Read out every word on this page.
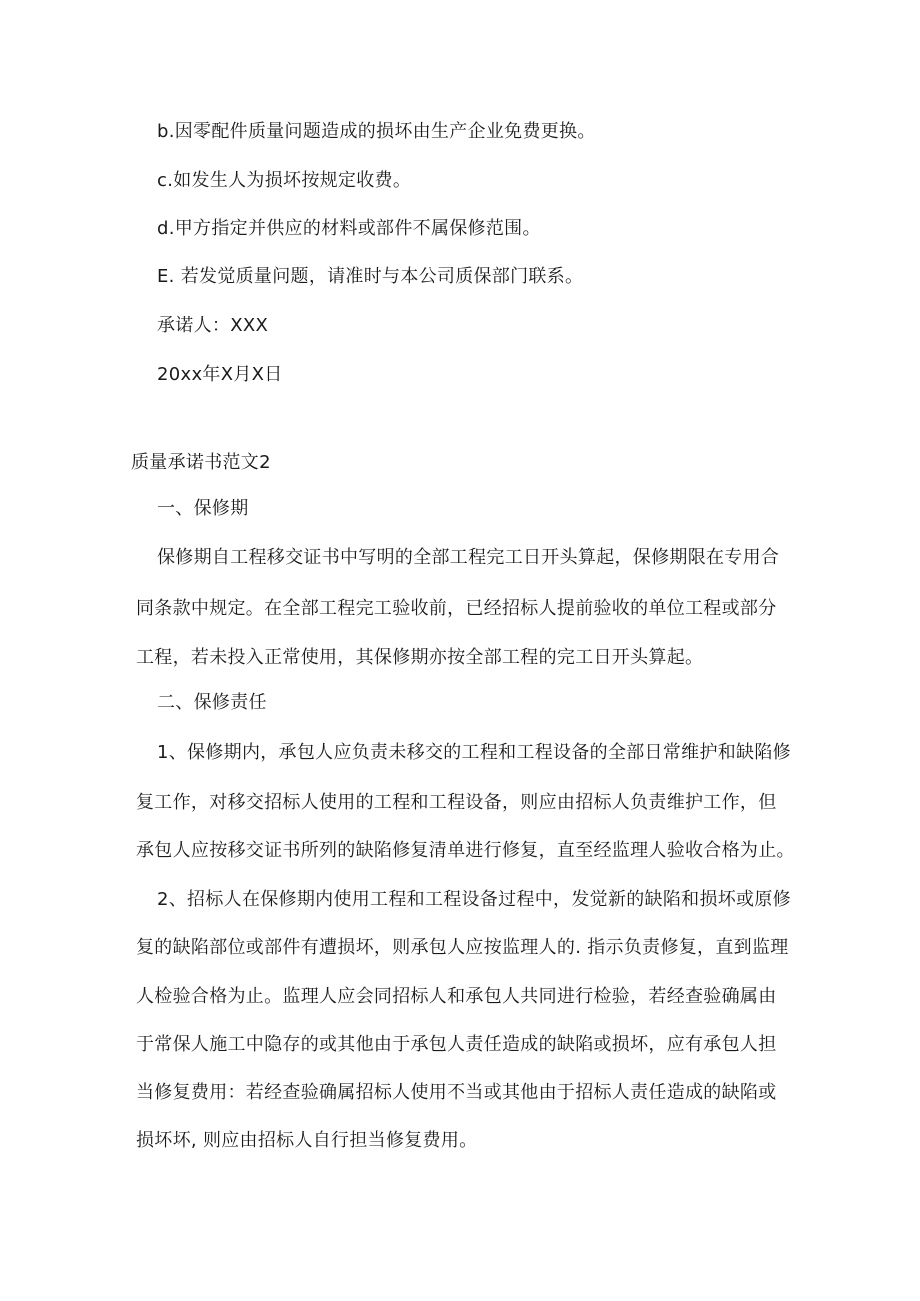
b.因零配件质量问题造成的损坏由生产企业免费更换。
c.如发生人为损坏按规定收费。
d.甲方指定并供应的材料或部件不属保修范围。
E. 若发觉质量问题，请准时与本公司质保部门联系。
承诺人：XXX
20xx年X月X日
质量承诺书范文2
一、保修期
保修期自工程移交证书中写明的全部工程完工日开头算起，保修期限在专用合
同条款中规定。在全部工程完工验收前，已经招标人提前验收的单位工程或部分
工程，若未投入正常使用，其保修期亦按全部工程的完工日开头算起。
二、保修责任
1、保修期内，承包人应负责未移交的工程和工程设备的全部日常维护和缺陷修
复工作，对移交招标人使用的工程和工程设备，则应由招标人负责维护工作，但
承包人应按移交证书所列的缺陷修复清单进行修复，直至经监理人验收合格为止。
2、招标人在保修期内使用工程和工程设备过程中，发觉新的缺陷和损坏或原修
复的缺陷部位或部件有遭损坏，则承包人应按监理人的. 指示负责修复，直到监理
人检验合格为止。监理人应会同招标人和承包人共同进行检验，若经查验确属由
于常保人施工中隐存的或其他由于承包人责任造成的缺陷或损坏，应有承包人担
当修复费用：若经查验确属招标人使用不当或其他由于招标人责任造成的缺陷或
损坏坏, 则应由招标人自行担当修复费用。
